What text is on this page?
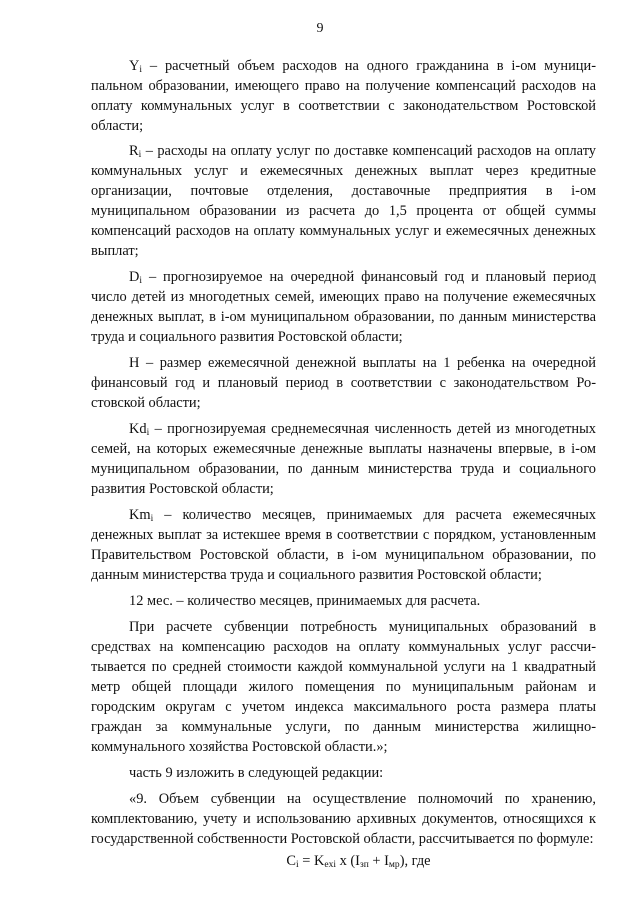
9

$Y_i$ – расчетный объем расходов на одного гражданина в i-ом муниципальном образовании, имеющего право на получение компенсаций расходов на оплату коммунальных услуг в соответствии с законодательством Ростовской области;

$R_i$ – расходы на оплату услуг по доставке компенсаций расходов на оплату коммунальных услуг и ежемесячных денежных выплат через кредитные организации, почтовые отделения, доставочные предприятия в i-ом муниципальном образовании из расчета до 1,5 процента от общей суммы компенсаций расходов на оплату коммунальных услуг и ежемесячных денежных выплат;

$D_i$ – прогнозируемое на очередной финансовый год и плановый период число детей из многодетных семей, имеющих право на получение ежемесячных денежных выплат, в i-ом муниципальном образовании, по данным министерства труда и социального развития Ростовской области;

H – размер ежемесячной денежной выплаты на 1 ребенка на очередной финансовый год и плановый период в соответствии с законодательством Ростовской области;

$Kd_i$ – прогнозируемая среднемесячная численность детей из многодетных семей, на которых ежемесячные денежные выплаты назначены впервые, в i-ом муниципальном образовании, по данным министерства труда и социального развития Ростовской области;

$Km_i$ – количество месяцев, принимаемых для расчета ежемесячных денежных выплат за истекшее время в соответствии с порядком, установленным Правительством Ростовской области, в i-ом муниципальном образовании, по данным министерства труда и социального развития Ростовской области;

12 мес. – количество месяцев, принимаемых для расчета.

При расчете субвенции потребность муниципальных образований в средствах на компенсацию расходов на оплату коммунальных услуг рассчитывается по средней стоимости каждой коммунальной услуги на 1 квадратный метр общей площади жилого помещения по муниципальным районам и городским округам с учетом индекса максимального роста размера платы граждан за коммунальные услуги, по данным министерства жилищно-коммунального хозяйства Ростовской области.»;

часть 9 изложить в следующей редакции:

«9. Объем субвенции на осуществление полномочий по хранению, комплектованию, учету и использованию архивных документов, относящихся к государственной собственности Ростовской области, рассчитывается по формуле:

$C_i = K_{exi}$ x $(I_{зп} + I_{мр})$, где
